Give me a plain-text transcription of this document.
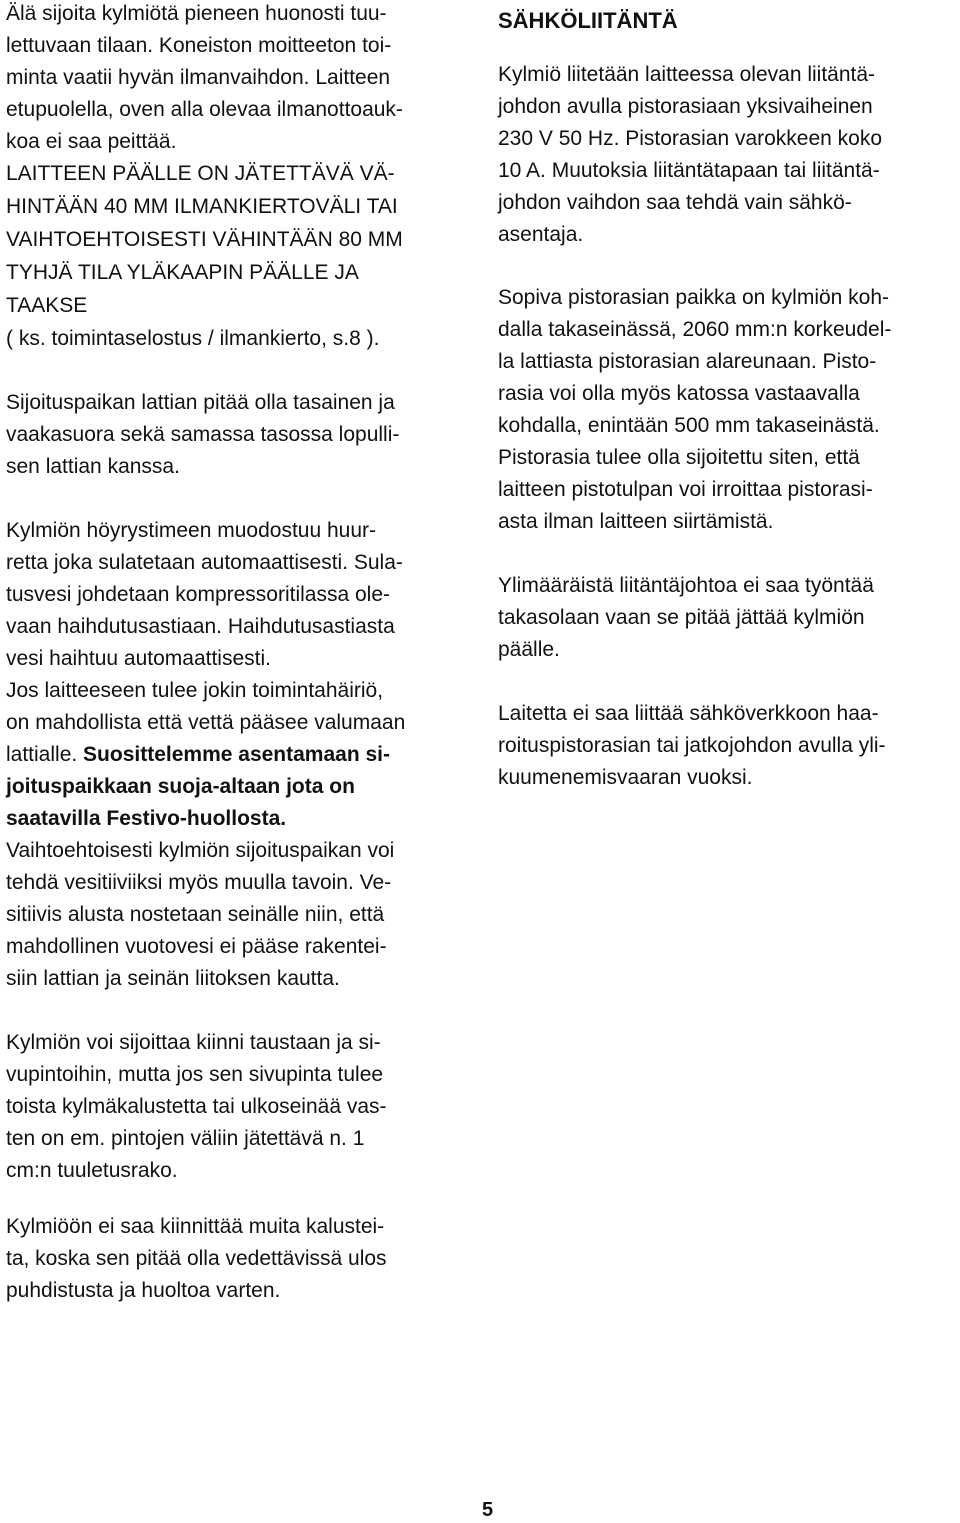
Älä sijoita kylmiötä pieneen huonosti tuu-
lettuvaan tilaan. Koneiston moitteeton toi-
minta vaatii hyvän ilmanvaihdon. Laitteen
etupuolella, oven alla olevaa ilmanottoauk-
koa ei saa peittää.
LAITTEEN PÄÄLLE ON JÄTETTÄVÄ VÄ-
HINTÄÄN 40 MM ILMANKIERTOVÄLI TAI
VAIHTOEHTOISESTI VÄHINTÄÄN 80 MM
TYHJÄ TILA YLÄKAAPIN PÄÄLLE JA
TAAKSE
( ks. toimintaselostus / ilmankierto, s.8 ).
Sijoituspaikan lattian pitää olla tasainen ja
vaakasuora sekä samassa tasossa lopulli-
sen lattian kanssa.
Kylmiön höyrystimeen muodostuu huur-
retta joka sulatetaan automaattisesti. Sula-
tusvesi johdetaan kompressoritilassa ole-
vaan haihdutusastiaan. Haihdutusastiasta
vesi haihtuu automaattisesti.
Jos laitteeseen tulee jokin toimintahäiriö,
on mahdollista että vettä pääsee valumaan
lattialle. Suosittelemme asentamaan si-
joituspaikkaan suoja-altaan jota on
saatavilla Festivo-huollosta.
Vaihtoehtoisesti kylmiön sijoituspaikan voi
tehdä vesitiiviiksi myös muulla tavoin. Ve-
sitiivis alusta nostetaan seinälle niin, että
mahdollinen vuotovesi ei pääse rakentei-
siin lattian ja seinän liitoksen kautta.
Kylmiön voi sijoittaa kiinni taustaan ja si-
vupintoihin, mutta jos sen sivupinta tulee
toista kylmäkalustetta tai ulkoseinää vas-
ten on em. pintojen väliin jätettävä n. 1
cm:n tuuletusrako.
Kylmiöön ei saa kiinnittää muita kalustei-
ta, koska sen pitää olla vedettävissä ulos
puhdistusta ja huoltoa varten.
SÄHKÖLIITÄNTÄ
Kylmiö liitetään laitteessa olevan liitäntä-
johdon avulla pistorasiaan yksivaiheinen
230 V 50 Hz. Pistorasian varokkeen koko
10 A. Muutoksia liitäntätapaan tai liitäntä-
johdon vaihdon saa tehdä vain sähkö-
asentaja.
Sopiva pistorasian paikka on kylmiön koh-
dalla takaseinässä, 2060 mm:n korkeudel-
la lattiasta pistorasian alareunaan. Pisto-
rasia voi olla myös katossa vastaavalla
kohdalla, enintään 500 mm takaseinästä.
Pistorasia tulee olla sijoitettu siten, että
laitteen pistotulpan voi irroittaa pistorasi-
asta ilman laitteen siirtämistä.
Ylimääräistä liitäntäjohtoa ei saa työntää
takasolaan vaan se pitää jättää kylmiön
päälle.
Laitetta ei saa liittää sähköverkkoon haa-
roituspistorasian tai jatkojohdon avulla yli-
kuumenemisvaaran vuoksi.
5
